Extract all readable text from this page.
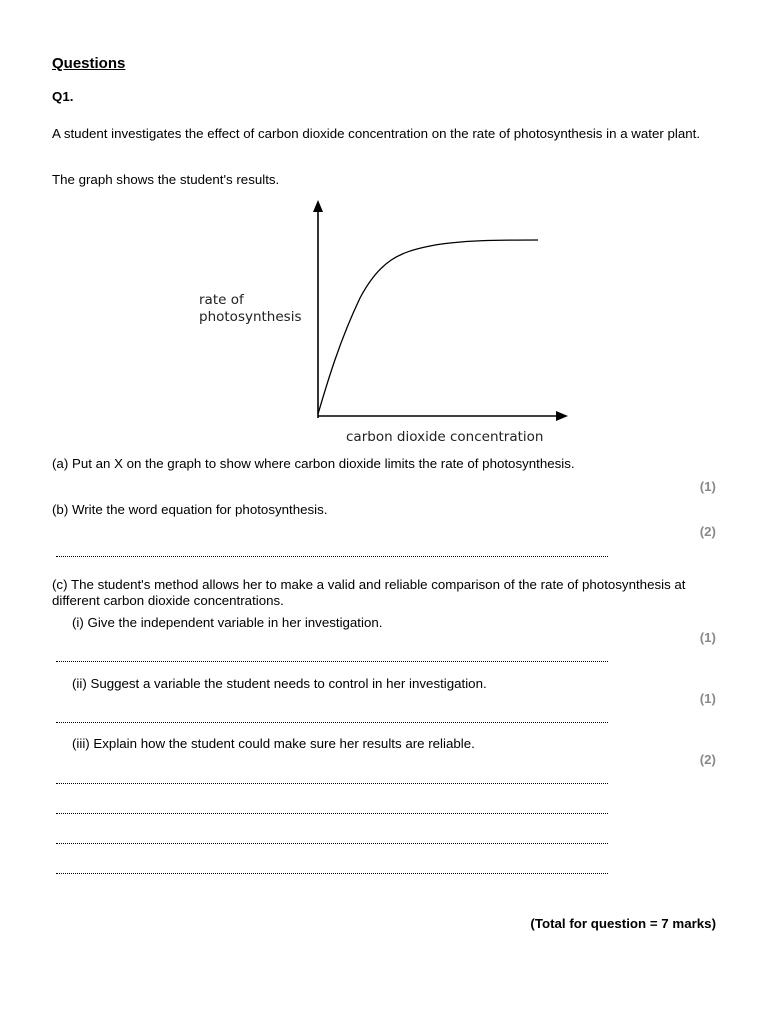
Questions
Q1.
A student investigates the effect of carbon dioxide concentration on the rate of photosynthesis in a water plant.
The graph shows the student's results.
rate of
photosynthesis
carbon dioxide concentration
(a) Put an X on the graph to show where carbon dioxide limits the rate of photosynthesis.
(1)
(b) Write the word equation for photosynthesis.
(2)
(c) The student's method allows her to make a valid and reliable comparison of the rate of photosynthesis at different carbon dioxide concentrations.
(i) Give the independent variable in her investigation.
(1)
(ii) Suggest a variable the student needs to control in her investigation.
(1)
(iii) Explain how the student could make sure her results are reliable.
(2)
(Total for question = 7 marks)
